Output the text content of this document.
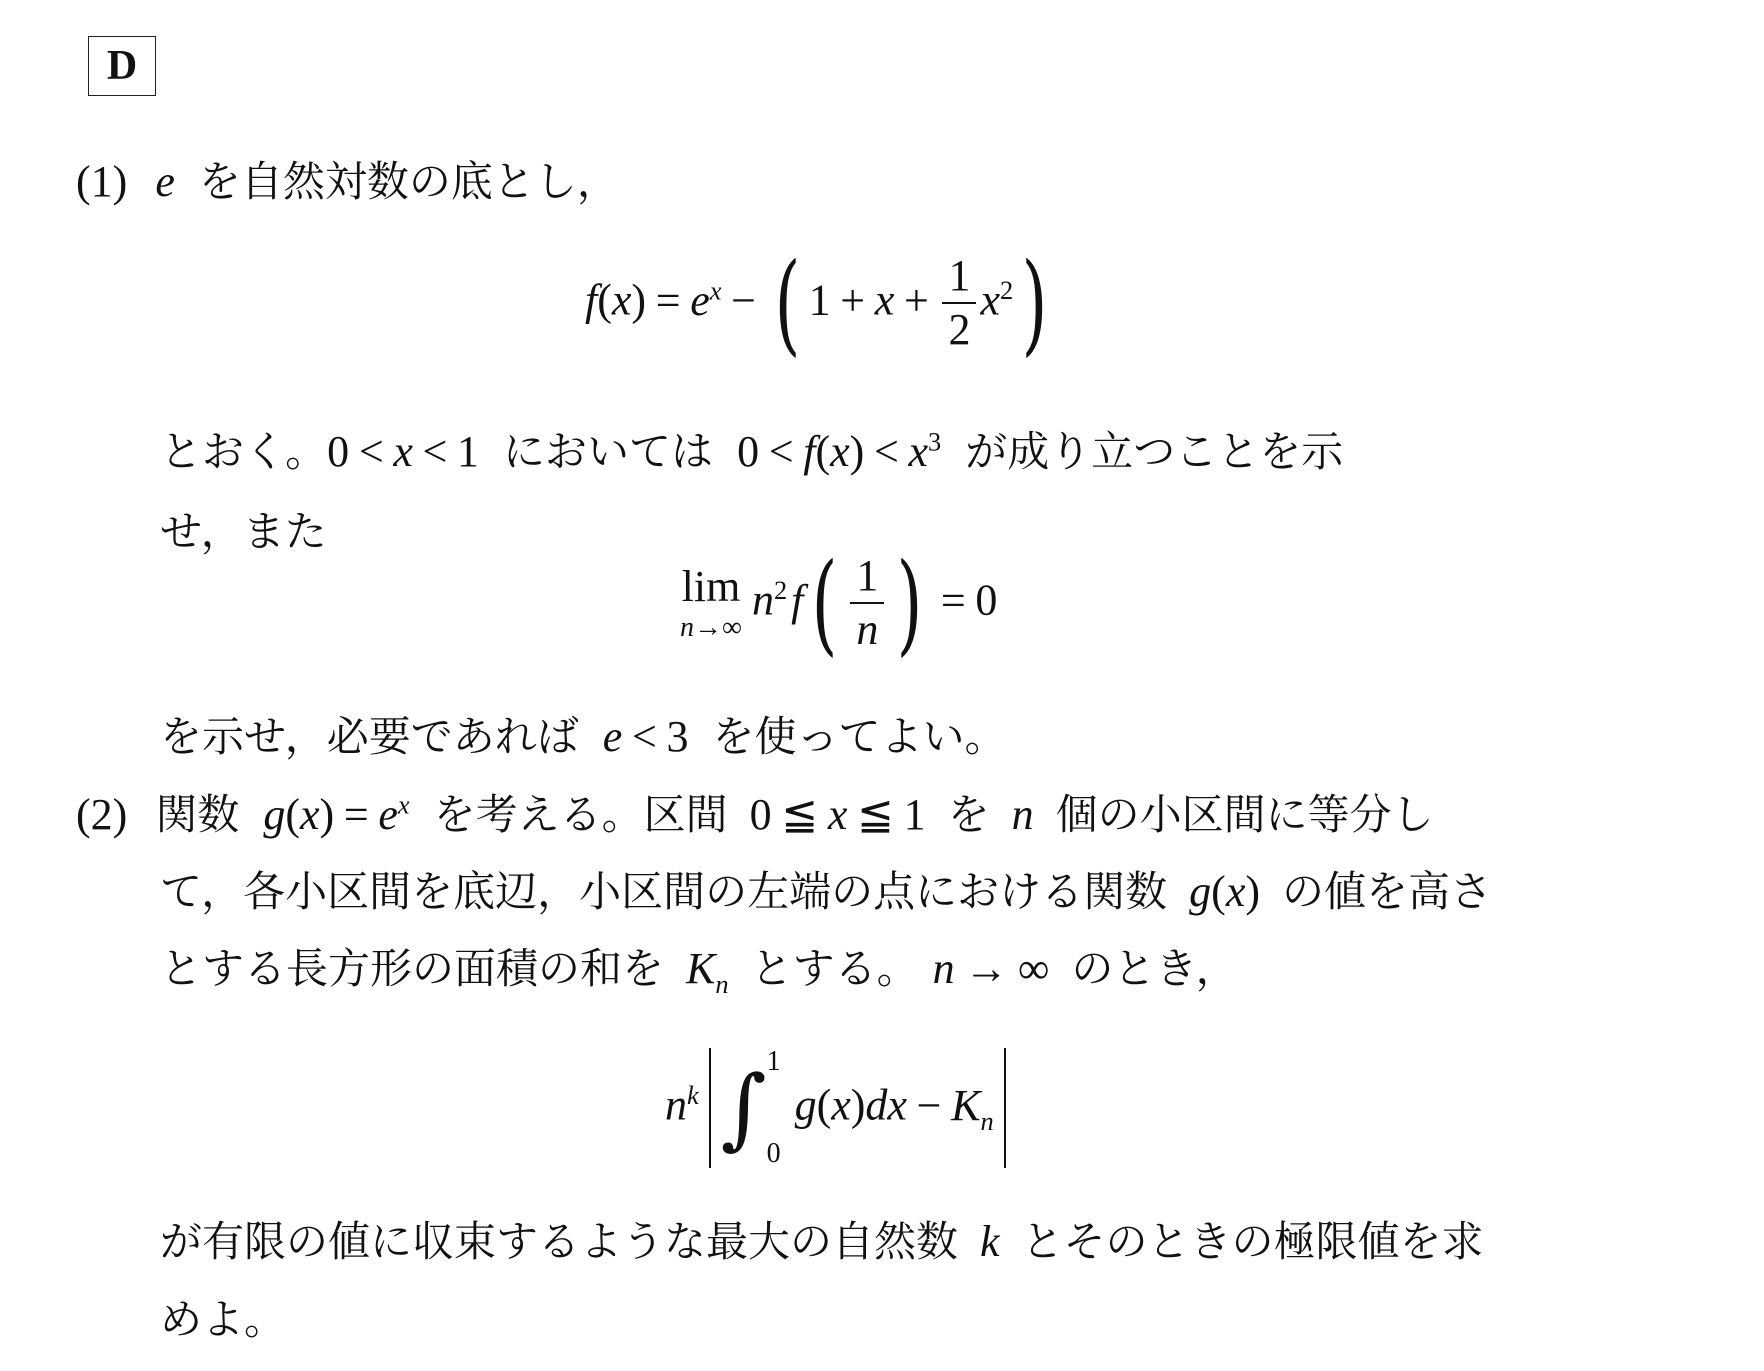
D
(1) e を自然対数の底とし，
$f(x) = e^x$ − ( $1 + x + \frac{1}{2} x^2$)
とおく。0 < x < 1 においては $0 < f(x) < x^3$ が成り立つことを示
せ，また
lim
n→∞
$n^2f( \frac{1}{n}$ ) = 0
を示せ，必要であれば e < 3 を使ってよい。
(2) 関数 $g(x) = e^x$ を考える。区間 0 ≦ x ≦ 1 を n 個の小区間に等分し
て，各小区間を底辺，小区間の左端の点における関数 g(x) の値を高さ
とする長方形の面積の和を $K_n$ とする。 n → ∞ のとき，
$n^k$ ∫ 1
0
$g(x)dx - K_n$
が有限の値に収束するような最大の自然数 k とそのときの極限値を求
めよ。
